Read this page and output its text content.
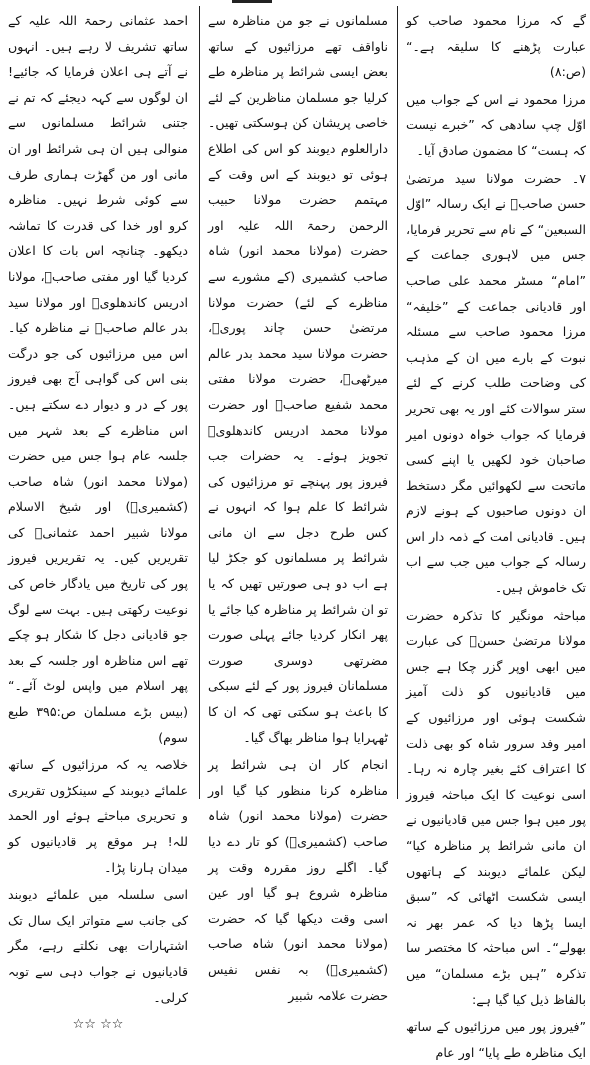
گے کہ مرزا محمود صاحب کو عبارت پڑھنے کا سلیقہ ہے۔“ (ص:۸)

مرزا محمود نے اس کے جواب میں اوّل چپ سادھی کہ ”خبرے نیست کہ ہست“ کا مضمون صادق آیا۔

۷۔ حضرت مولانا سید مرتضیٰ حسن صاحبؒ نے ایک رسالہ ”اوّل السبعین“ کے نام سے تحریر فرمایا، جس میں لاہوری جماعت کے ”امام“ مسٹر محمد علی صاحب اور قادیانی جماعت کے ”خلیفہ“ مرزا محمود صاحب سے مسئلہ نبوت کے بارے میں ان کے مذہب کی وضاحت طلب کرنے کے لئے ستر سوالات کئے اور یہ بھی تحریر فرمایا کہ جواب خواہ دونوں امیر صاحبان خود لکھیں یا اپنے کسی ماتحت سے لکھوائیں مگر دستخط ان دونوں صاحبوں کے ہونے لازم ہیں۔ قادیانی امت کے ذمہ دار اس رسالہ کے جواب میں جب سے اب تک خاموش ہیں۔

مباحثہ مونگیر کا تذکرہ حضرت مولانا مرتضیٰ حسنؒ کی عبارت میں ابھی اوپر گزر چکا ہے جس میں قادیانیوں کو ذلت آمیز شکست ہوئی اور مرزائیوں کے امیر وفد سرور شاہ کو بھی ذلت کا اعتراف کئے بغیر چارہ نہ رہا۔ اسی نوعیت کا ایک مباحثہ فیروز پور میں ہوا جس میں قادیانیوں نے ان مانی شرائط پر مناظرہ کیا“ لیکن علمائے دیوبند کے ہاتھوں ایسی شکست اٹھائی کہ ”سبق ایسا پڑھا دیا کہ عمر بھر نہ بھولے“۔ اس مباحثہ کا مختصر سا تذکرہ ”ہیں بڑے مسلمان“ میں بالفاظ ذیل کیا گیا ہے:

”فیروز پور میں مرزائیوں کے ساتھ ایک مناظرہ طے پایا“ اور عام

مسلمانوں نے جو من مناظرہ سے ناواقف تھے مرزائیوں کے ساتھ بعض ایسی شرائط پر مناظرہ طے کرلیا جو مسلمان مناظرین کے لئے خاصی پریشان کن ہوسکتی تھیں۔ دارالعلوم دیوبند کو اس کی اطلاع ہوئی تو دیوبند کے اس وقت کے مہتمم حضرت مولانا حبیب الرحمن رحمۃ اللہ علیہ اور حضرت (مولانا محمد انور) شاہ صاحب کشمیری (کے مشورے سے مناظرے کے لئے) حضرت مولانا مرتضیٰ حسن چاند پوریؒ، حضرت مولانا سید محمد بدر عالم میرٹھیؒ، حضرت مولانا مفتی محمد شفیع صاحبؒ اور حضرت مولانا محمد ادریس کاندھلویؒ تجویز ہوئے۔ یہ حضرات جب فیروز پور پہنچے تو مرزائیوں کی شرائط کا علم ہوا کہ انہوں نے کس طرح دجل سے ان مانی شرائط پر مسلمانوں کو جکڑ لیا ہے اب دو ہی صورتیں تھیں کہ یا تو ان شرائط پر مناظرہ کیا جائے یا پھر انکار کردیا جائے پہلی صورت مضرتھی دوسری صورت مسلمانان فیروز پور کے لئے سبکی کا باعث ہو سکتی تھی کہ ان کا ٹھہرایا ہوا مناظر بھاگ گیا۔

انجام کار ان ہی شرائط پر مناظرہ کرنا منظور کیا گیا اور حضرت (مولانا محمد انور) شاہ صاحب (کشمیریؒ) کو تار دے دیا گیا۔ اگلے روز مقررہ وقت پر مناظرہ شروع ہو گیا اور عین اسی وقت دیکھا گیا کہ حضرت (مولانا محمد انور) شاہ صاحب (کشمیریؒ) بہ نفس نفیس حضرت علامہ شبیر

احمد عثمانی رحمۃ اللہ علیہ کے ساتھ تشریف لا رہے ہیں۔ انہوں نے آتے ہی اعلان فرمایا کہ جائیے! ان لوگوں سے کہہ دیجئے کہ تم نے جتنی شرائط مسلمانوں سے منوالی ہیں ان ہی شرائط اور ان مانی اور من گھڑت ہماری طرف سے کوئی شرط نہیں۔ مناظرہ کرو اور خدا کی قدرت کا تماشہ دیکھو۔ چنانچہ اس بات کا اعلان کردیا گیا اور مفتی صاحبؒ، مولانا ادریس کاندھلویؒ اور مولانا سید بدر عالم صاحبؒ نے مناظرہ کیا۔ اس میں مرزائیوں کی جو درگت بنی اس کی گواہی آج بھی فیروز پور کے در و دیوار دے سکتے ہیں۔ اس مناظرے کے بعد شہر میں جلسہ عام ہوا جس میں حضرت (مولانا محمد انور) شاہ صاحب (کشمیریؒ) اور شیخ الاسلام مولانا شبیر احمد عثمانیؒ کی تقریریں کیں۔ یہ تقریریں فیروز پور کی تاریخ میں یادگار خاص کی نوعیت رکھتی ہیں۔ بہت سے لوگ جو قادیانی دجل کا شکار ہو چکے تھے اس مناظرہ اور جلسہ کے بعد پھر اسلام میں واپس لوٹ آئے۔“ (بیس بڑے مسلمان ص:۳۹۵ طبع سوم)

خلاصہ یہ کہ مرزائیوں کے ساتھ علمائے دیوبند کے سینکڑوں تقریری و تحریری مباحثے ہوئے اور الحمد للہ! ہر موقع پر قادیانیوں کو میدان ہارنا پڑا۔

اسی سلسلہ میں علمائے دیوبند کی جانب سے متواتر ایک سال تک اشتہارات بھی نکلتے رہے، مگر قادیانیوں نے جواب دہی سے توبہ کرلی۔

☆☆ ☆☆
